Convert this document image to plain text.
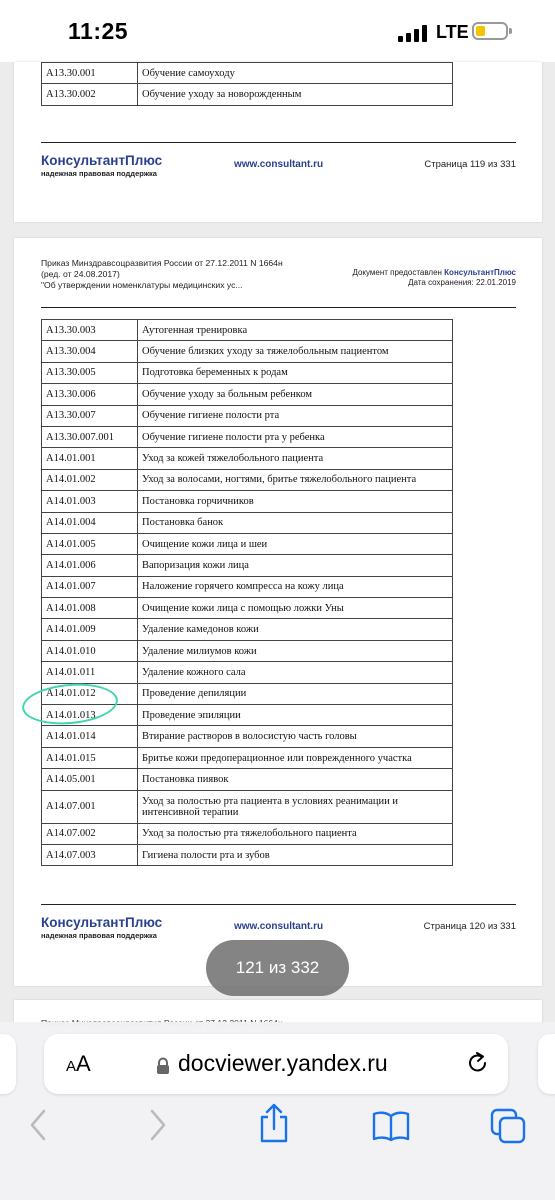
11:25	LTE
A13.30.001	Обучение самоуходу
A13.30.002	Обучение уходу за новорожденным
КонсультантПлюс
надежная правовая поддержка
www.consultant.ru	Страница 119 из 331
Приказ Минздравсоцразвития России от 27.12.2011 N 1664н
(ред. от 24.08.2017)
"Об утверждении номенклатуры медицинских ус...
Документ предоставлен КонсультантПлюс
Дата сохранения: 22.01.2019
A13.30.003	Аутогенная тренировка
A13.30.004	Обучение близких уходу за тяжелобольным пациентом
A13.30.005	Подготовка беременных к родам
A13.30.006	Обучение уходу за больным ребенком
A13.30.007	Обучение гигиене полости рта
A13.30.007.001	Обучение гигиене полости рта у ребенка
A14.01.001	Уход за кожей тяжелобольного пациента
A14.01.002	Уход за волосами, ногтями, бритье тяжелобольного пациента
A14.01.003	Постановка горчичников
A14.01.004	Постановка банок
A14.01.005	Очищение кожи лица и шеи
A14.01.006	Вапоризация кожи лица
A14.01.007	Наложение горячего компресса на кожу лица
A14.01.008	Очищение кожи лица с помощью ложки Уны
A14.01.009	Удаление камедонов кожи
A14.01.010	Удаление милиумов кожи
A14.01.011	Удаление кожного сала
A14.01.012	Проведение депиляции
A14.01.013	Проведение эпиляции
A14.01.014	Втирание растворов в волосистую часть головы
A14.01.015	Бритье кожи предоперационное или поврежденного участка
A14.05.001	Постановка пиявок
A14.07.001	Уход за полостью рта пациента в условиях реанимации и интенсивной терапии
A14.07.002	Уход за полостью рта тяжелобольного пациента
A14.07.003	Гигиена полости рта и зубов
КонсультантПлюс
надежная правовая поддержка
www.consultant.ru	Страница 120 из 331
121 из 332
AA	docviewer.yandex.ru
